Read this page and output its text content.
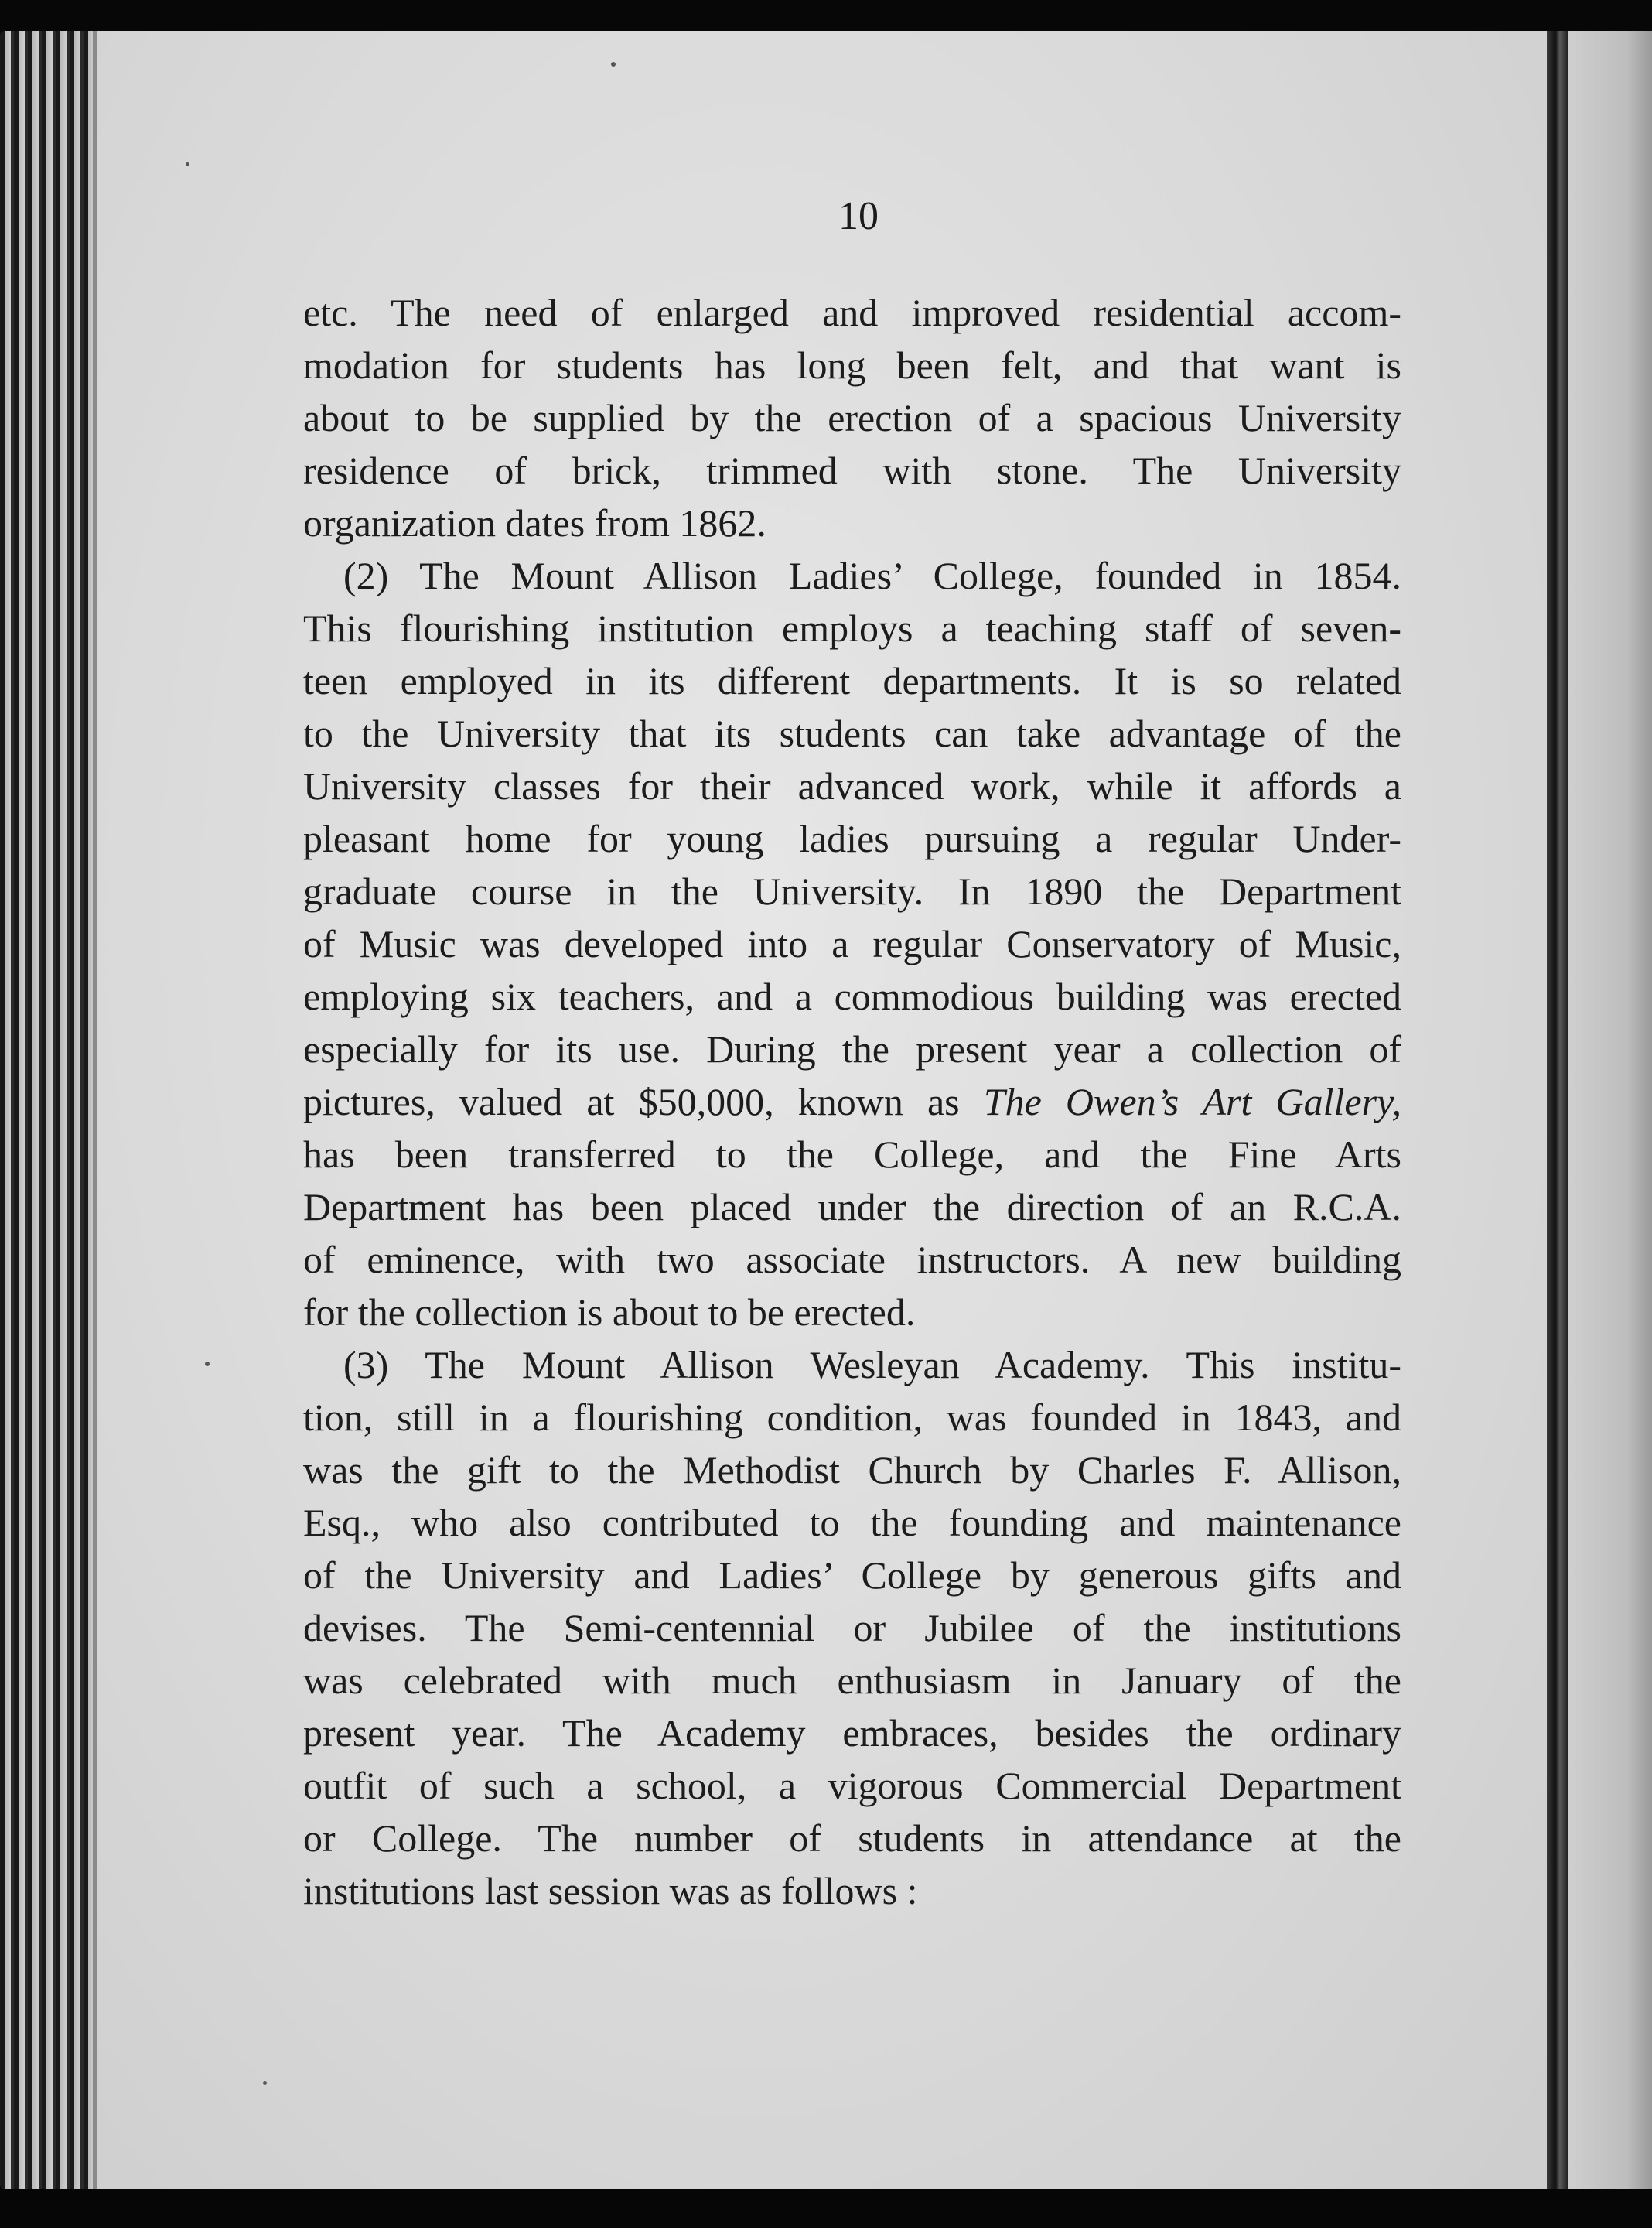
10
etc. The need of enlarged and improved residential accom-
modation for students has long been felt, and that want is
about to be supplied by the erection of a spacious University
residence of brick, trimmed with stone. The University
organization dates from 1862.
(2) The Mount Allison Ladies’ College, founded in 1854.
This flourishing institution employs a teaching staff of seven-
teen employed in its different departments. It is so related
to the University that its students can take advantage of the
University classes for their advanced work, while it affords a
pleasant home for young ladies pursuing a regular Under-
graduate course in the University. In 1890 the Department
of Music was developed into a regular Conservatory of Music,
employing six teachers, and a commodious building was erected
especially for its use. During the present year a collection of
pictures, valued at $50,000, known as The Owen’s Art Gallery,
has been transferred to the College, and the Fine Arts
Department has been placed under the direction of an R.C.A.
of eminence, with two associate instructors. A new building
for the collection is about to be erected.
(3) The Mount Allison Wesleyan Academy. This institu-
tion, still in a flourishing condition, was founded in 1843, and
was the gift to the Methodist Church by Charles F. Allison,
Esq., who also contributed to the founding and maintenance
of the University and Ladies’ College by generous gifts and
devises. The Semi-centennial or Jubilee of the institutions
was celebrated with much enthusiasm in January of the
present year. The Academy embraces, besides the ordinary
outfit of such a school, a vigorous Commercial Department
or College. The number of students in attendance at the
institutions last session was as follows :
